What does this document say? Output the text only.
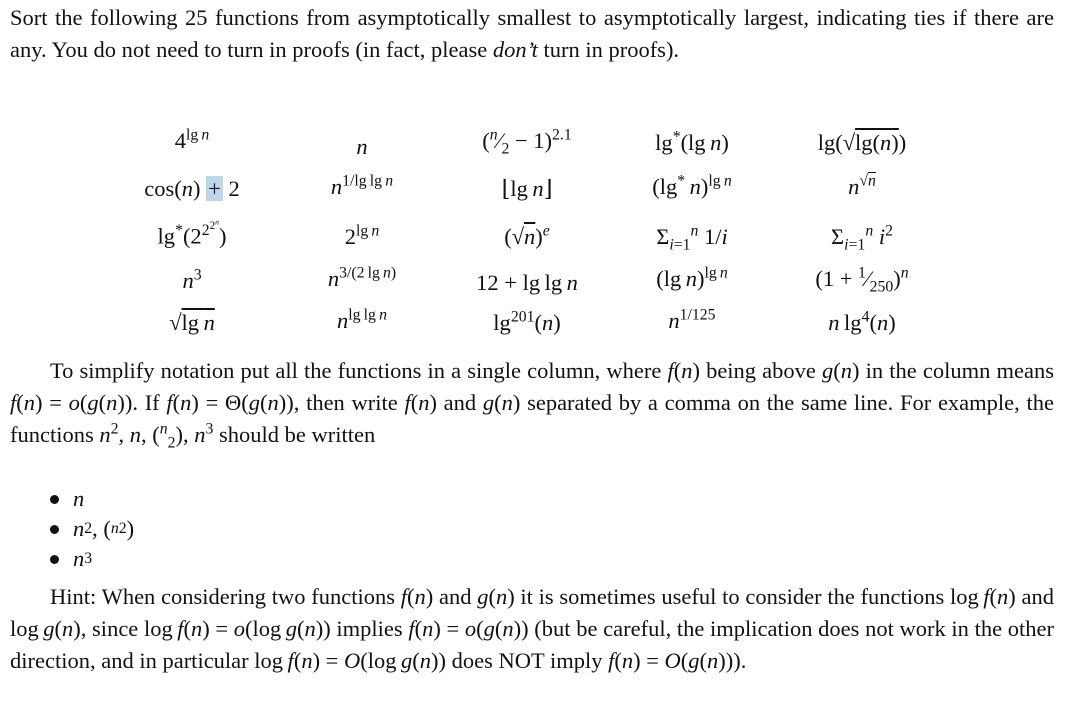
Sort the following 25 functions from asymptotically smallest to asymptotically largest, indicating ties if there are any. You do not need to turn in proofs (in fact, please don’t turn in proofs).
$4^{lg n}$	n	$(^n⁄_2 - 1)^{2.1}$	lg*(lg n)	lg(√lg(n))
cos(n) + 2	$n^{1/lg lg n}$	⌊lg n⌋	(lg*  n)$^{lg n}$	$n^{√n}$
$\lg^*(2^{2^{2^n}})$	$2^{lg n}$	$(√n)^e$	$\Sigma_{i=1}^n$ 1/i	$\Sigma_{i=1}^n$ $i^2$
$n^3$	$n^{3/(2 lg n)}$	12 + lg lg n	(lg n)$^{lg n}$	$(1 + ^1⁄_{250})^n$
√lg n	$n^{lg lg n}$	$\lg^{201}(n)$	$n^{1/125}$	n $\lg^4(n)$
To simplify notation put all the functions in a single column, where f(n) being above g(n) in the column means f(n) = o(g(n)). If f(n) = Θ(g(n)), then write f(n) and g(n) separated by a comma on the same line. For example, the functions $n^2$, n, ($^n_2$), $n^3$ should be written
n
n 2 , ( n 2 )
n 3
Hint: When considering two functions f(n) and g(n) it is sometimes useful to consider the functions log f(n) and log g(n), since log f(n) = o(log g(n)) implies f(n) = o(g(n)) (but be careful, the implication does not work in the other direction, and in particular log f(n) = O(log g(n)) does NOT imply f(n) = O(g(n))).
